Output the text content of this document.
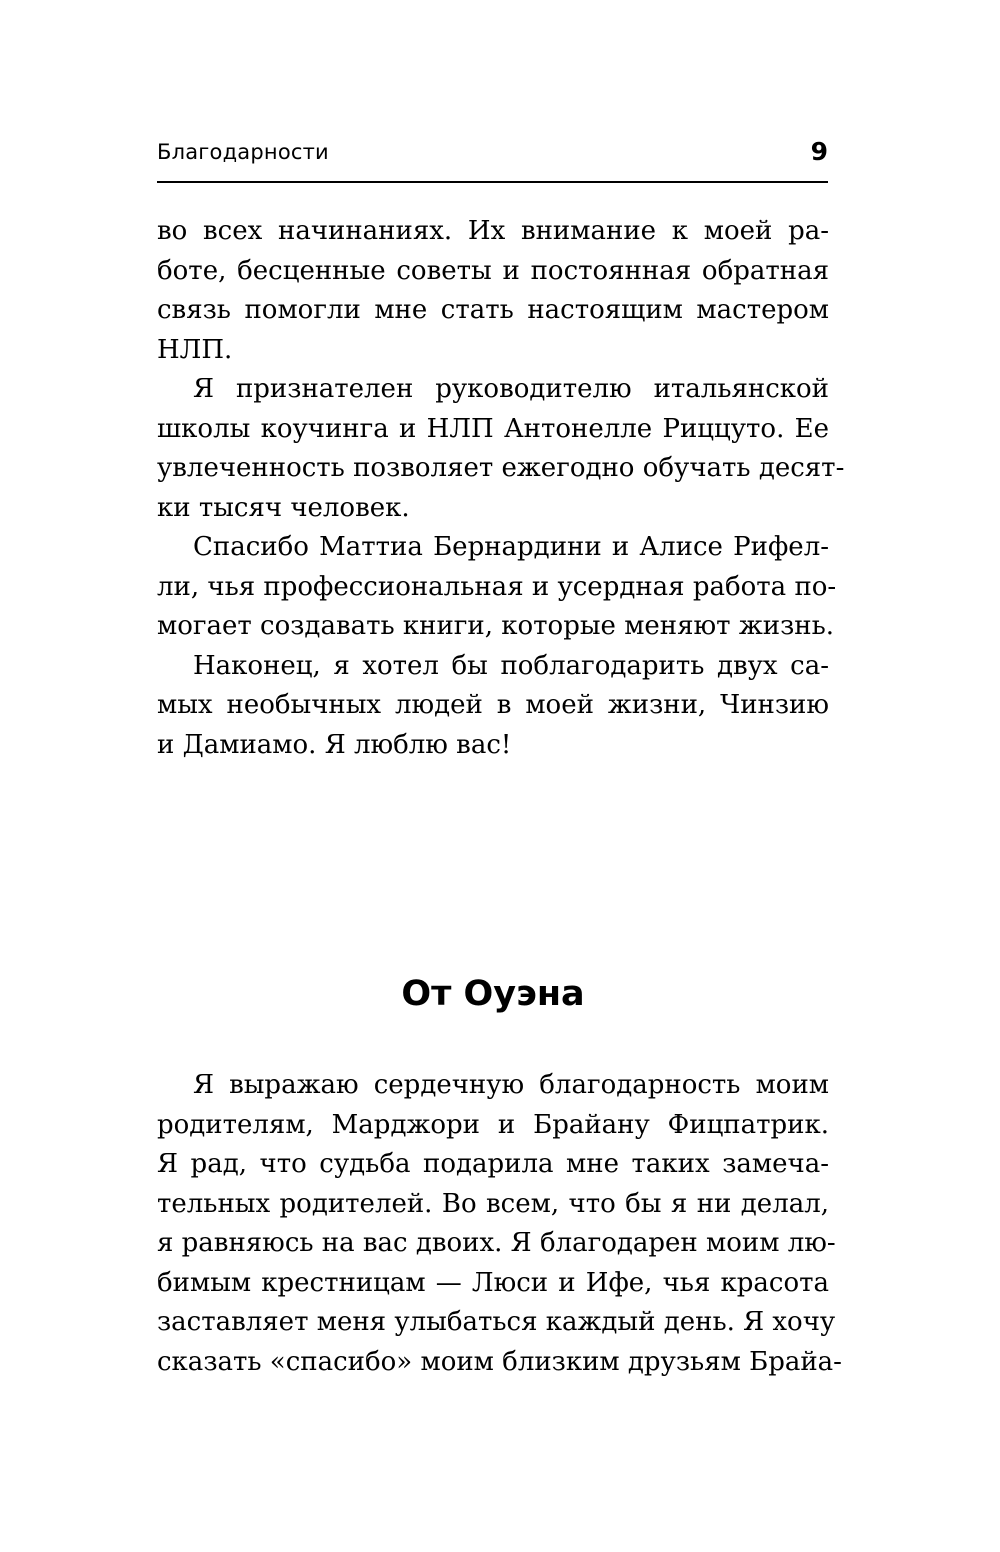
Благодарности	9
во всех начинаниях. Их внимание к моей ра-
боте, бесценные советы и постоянная обратная
связь помогли мне стать настоящим мастером
НЛП.
Я признателен руководителю итальянской
школы коучинга и НЛП Антонелле Риццуто. Ее
увлеченность позволяет ежегодно обучать десят-
ки тысяч человек.
Спасибо Маттиа Бернардини и Алисе Рифел-
ли, чья профессиональная и усердная работа по-
могает создавать книги, которые меняют жизнь.
Наконец, я хотел бы поблагодарить двух са-
мых необычных людей в моей жизни, Чинзию
и Дамиамо. Я люблю вас!
От Оуэна
Я выражаю сердечную благодарность моим
родителям, Марджори и Брайану Фицпатрик.
Я рад, что судьба подарила мне таких замеча-
тельных родителей. Во всем, что бы я ни делал,
я равняюсь на вас двоих. Я благодарен моим лю-
бимым крестницам — Люси и Ифе, чья красота
заставляет меня улыбаться каждый день. Я хочу
сказать «спасибо» моим близким друзьям Брайа-
